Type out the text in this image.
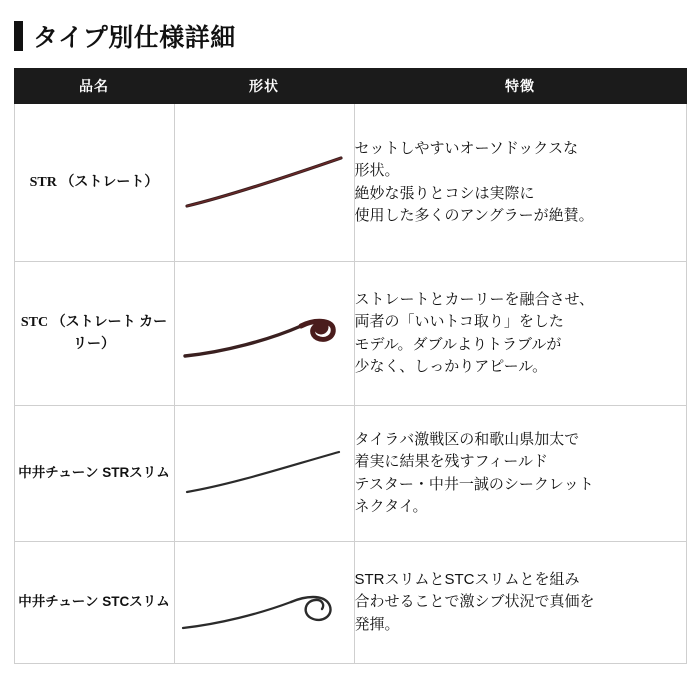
タイプ別仕様詳細
品名	形状	特徴
STR （ストレート）		セットしやすいオーソドックスな
形状。
絶妙な張りとコシは実際に
使用した多くのアングラーが絶賛。

STC （ストレート カーリー）		ストレートとカーリーを融合させ、
両者の「いいトコ取り」をした
モデル。ダブルよりトラブルが
少なく、しっかりアピール。

中井チューン STRスリム		タイラバ激戦区の和歌山県加太で
着実に結果を残すフィールド
テスター・中井一誠のシークレット
ネクタイ。

中井チューン STCスリム		STRスリムとSTCスリムとを組み
合わせることで激シブ状況で真価を
発揮。
